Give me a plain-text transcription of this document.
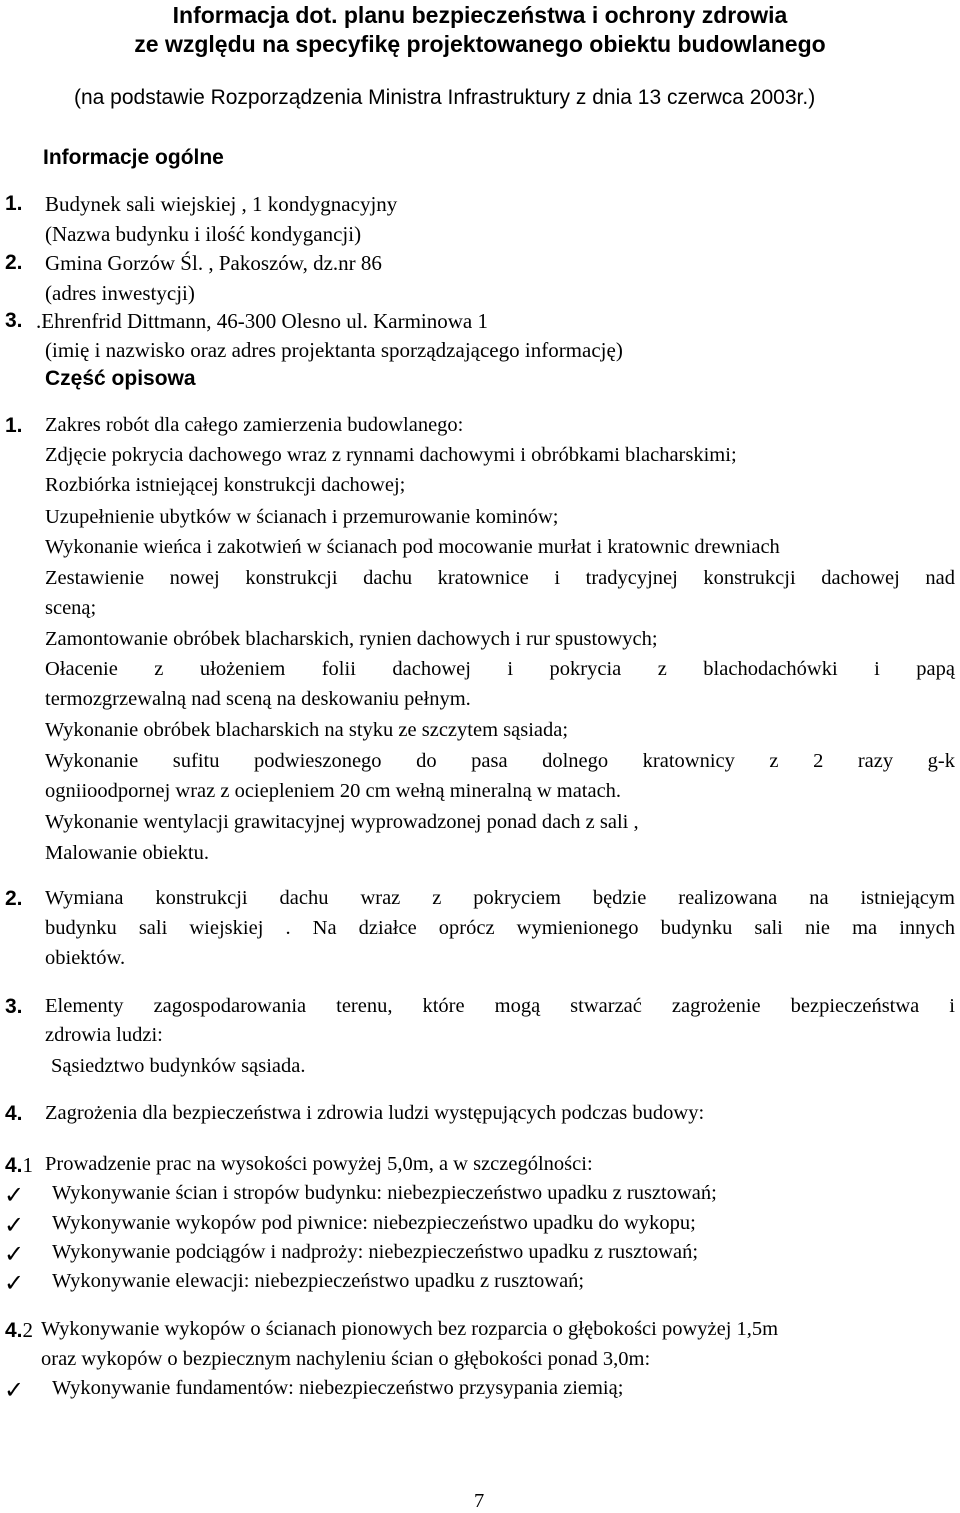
Informacja dot. planu bezpieczeństwa i ochrony zdrowia
ze względu na specyfikę projektowanego obiektu budowlanego
(na podstawie Rozporządzenia Ministra Infrastruktury z dnia 13 czerwca 2003r.)
Informacje ogólne
1. Budynek sali wiejskiej , 1 kondygnacyjny
(Nazwa budynku i ilość kondygancji)
2. Gmina Gorzów Śl. , Pakoszów, dz.nr 86
(adres inwestycji)
3. .Ehrenfrid Dittmann, 46-300 Olesno ul. Karminowa 1
(imię i nazwisko oraz adres projektanta sporządzającego informację)
Część opisowa
1. Zakres robót dla całego zamierzenia budowlanego:
Zdjęcie pokrycia dachowego wraz z rynnami dachowymi i obróbkami blacharskimi;
Rozbiórka istniejącej konstrukcji dachowej;
Uzupełnienie ubytków w ścianach i przemurowanie kominów;
Wykonanie wieńca i zakotwień w ścianach pod mocowanie murłat i kratownic drewniach
Zestawienie nowej konstrukcji dachu kratownice i tradycyjnej konstrukcji dachowej nad
sceną;
Zamontowanie obróbek blacharskich, rynien dachowych i rur spustowych;
Ołacenie z ułożeniem folii dachowej i pokrycia z blachodachówki i papą
termozgrzewalną nad sceną na deskowaniu pełnym.
Wykonanie obróbek blacharskich na styku ze szczytem sąsiada;
Wykonanie sufitu podwieszonego do pasa dolnego kratownicy z 2 razy g-k
ogniioodpornej wraz z ociepleniem 20 cm wełną mineralną w matach.
Wykonanie wentylacji grawitacyjnej wyprowadzonej ponad dach z sali ,
Malowanie obiektu.
2. Wymiana konstrukcji dachu wraz z pokryciem będzie realizowana na istniejącym
budynku sali wiejskiej . Na działce oprócz wymienionego budynku sali nie ma innych
obiektów.
3. Elementy zagospodarowania terenu, które mogą stwarzać zagrożenie bezpieczeństwa i
zdrowia ludzi:
Sąsiedztwo budynków sąsiada.
4. Zagrożenia dla bezpieczeństwa i zdrowia ludzi występujących podczas budowy:
4.1 Prowadzenie prac na wysokości powyżej 5,0m, a w szczególności:
✓ Wykonywanie ścian i stropów budynku: niebezpieczeństwo upadku z rusztowań;
✓ Wykonywanie wykopów pod piwnice: niebezpieczeństwo upadku do wykopu;
✓ Wykonywanie podciągów i nadproży: niebezpieczeństwo upadku z rusztowań;
✓ Wykonywanie elewacji: niebezpieczeństwo upadku z rusztowań;
4.2 Wykonywanie wykopów o ścianach pionowych bez rozparcia o głębokości powyżej 1,5m
oraz wykopów o bezpiecznym nachyleniu ścian o głębokości ponad 3,0m:
✓ Wykonywanie fundamentów: niebezpieczeństwo przysypania ziemią;
7
